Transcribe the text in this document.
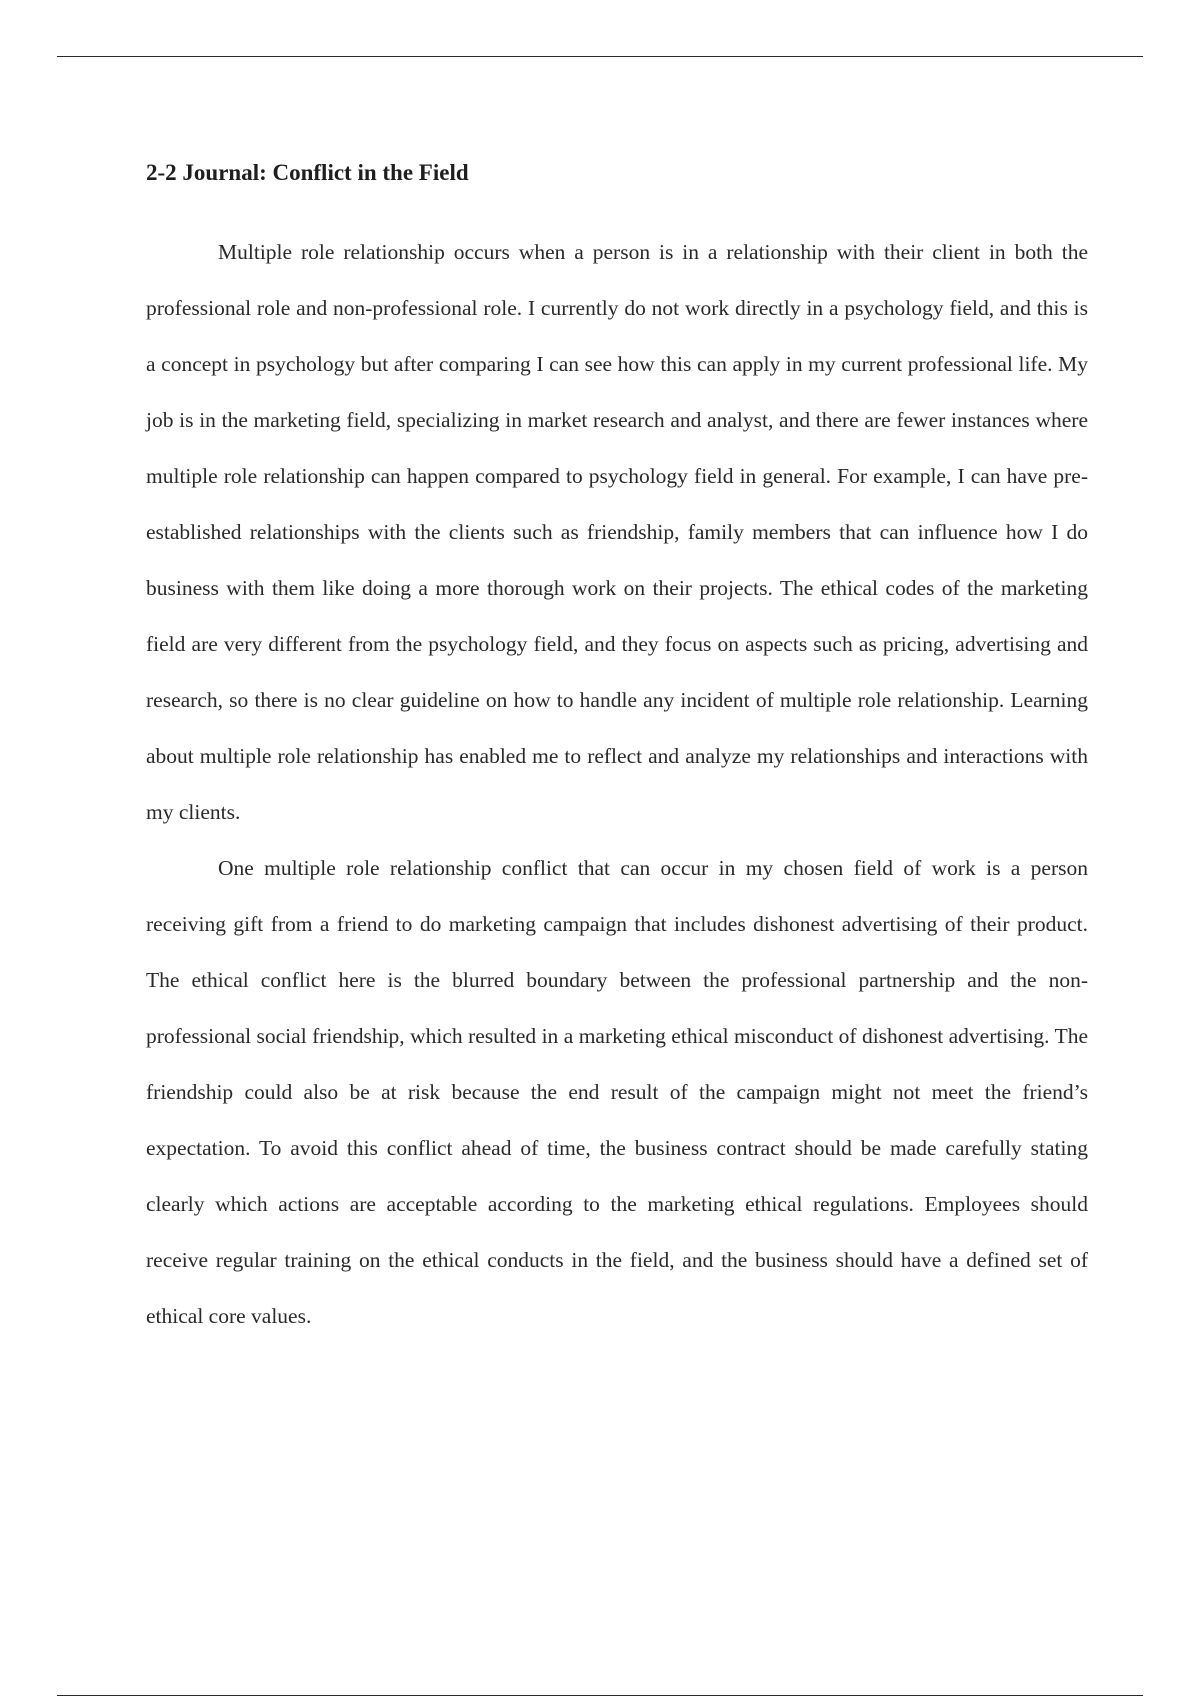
2-2 Journal: Conflict in the Field

Multiple role relationship occurs when a person is in a relationship with their client in both the professional role and non-professional role. I currently do not work directly in a psychology field, and this is a concept in psychology but after comparing I can see how this can apply in my current professional life. My job is in the marketing field, specializing in market research and analyst, and there are fewer instances where multiple role relationship can happen compared to psychology field in general. For example, I can have pre-established relationships with the clients such as friendship, family members that can influence how I do business with them like doing a more thorough work on their projects. The ethical codes of the marketing field are very different from the psychology field, and they focus on aspects such as pricing, advertising and research, so there is no clear guideline on how to handle any incident of multiple role relationship. Learning about multiple role relationship has enabled me to reflect and analyze my relationships and interactions with my clients.

One multiple role relationship conflict that can occur in my chosen field of work is a person receiving gift from a friend to do marketing campaign that includes dishonest advertising of their product. The ethical conflict here is the blurred boundary between the professional partnership and the non-professional social friendship, which resulted in a marketing ethical misconduct of dishonest advertising. The friendship could also be at risk because the end result of the campaign might not meet the friend’s expectation. To avoid this conflict ahead of time, the business contract should be made carefully stating clearly which actions are acceptable according to the marketing ethical regulations. Employees should receive regular training on the ethical conducts in the field, and the business should have a defined set of ethical core values.
